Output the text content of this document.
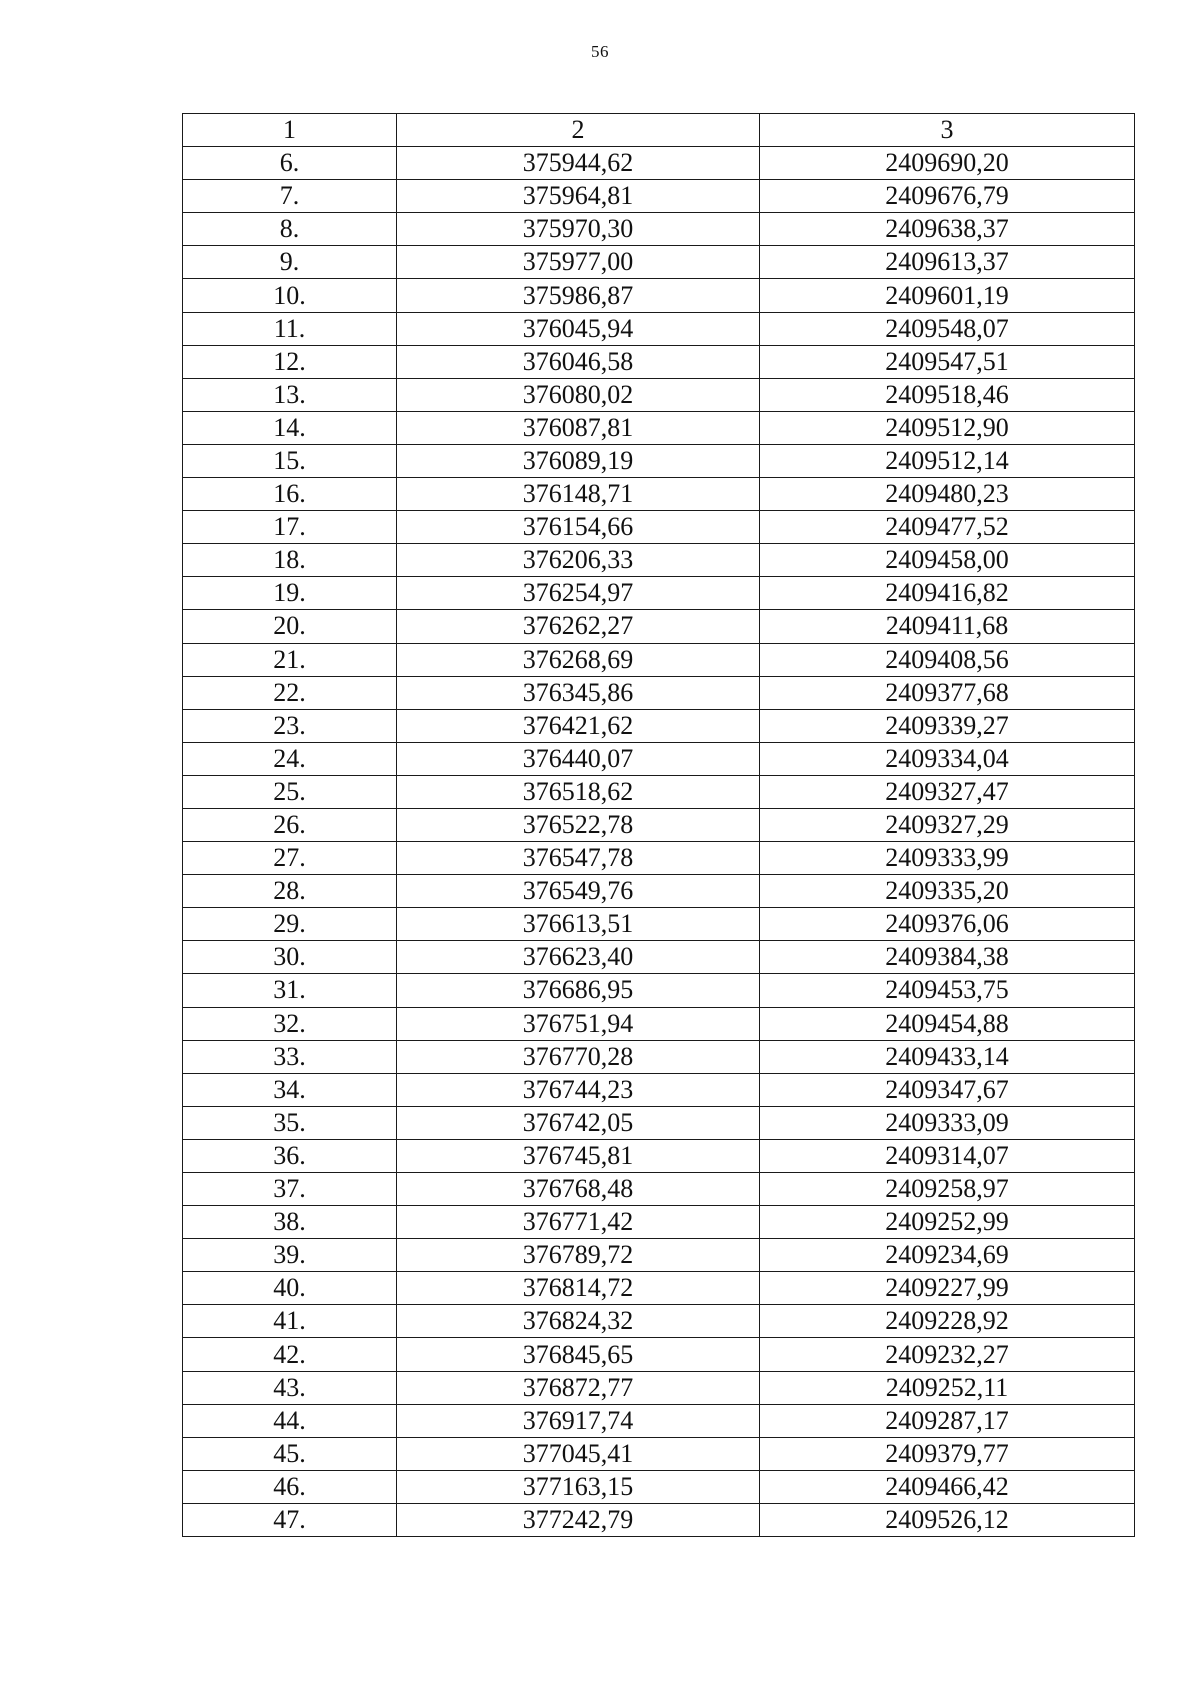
56
1	2	3
6.	375944,62	2409690,20
7.	375964,81	2409676,79
8.	375970,30	2409638,37
9.	375977,00	2409613,37
10.	375986,87	2409601,19
11.	376045,94	2409548,07
12.	376046,58	2409547,51
13.	376080,02	2409518,46
14.	376087,81	2409512,90
15.	376089,19	2409512,14
16.	376148,71	2409480,23
17.	376154,66	2409477,52
18.	376206,33	2409458,00
19.	376254,97	2409416,82
20.	376262,27	2409411,68
21.	376268,69	2409408,56
22.	376345,86	2409377,68
23.	376421,62	2409339,27
24.	376440,07	2409334,04
25.	376518,62	2409327,47
26.	376522,78	2409327,29
27.	376547,78	2409333,99
28.	376549,76	2409335,20
29.	376613,51	2409376,06
30.	376623,40	2409384,38
31.	376686,95	2409453,75
32.	376751,94	2409454,88
33.	376770,28	2409433,14
34.	376744,23	2409347,67
35.	376742,05	2409333,09
36.	376745,81	2409314,07
37.	376768,48	2409258,97
38.	376771,42	2409252,99
39.	376789,72	2409234,69
40.	376814,72	2409227,99
41.	376824,32	2409228,92
42.	376845,65	2409232,27
43.	376872,77	2409252,11
44.	376917,74	2409287,17
45.	377045,41	2409379,77
46.	377163,15	2409466,42
47.	377242,79	2409526,12
